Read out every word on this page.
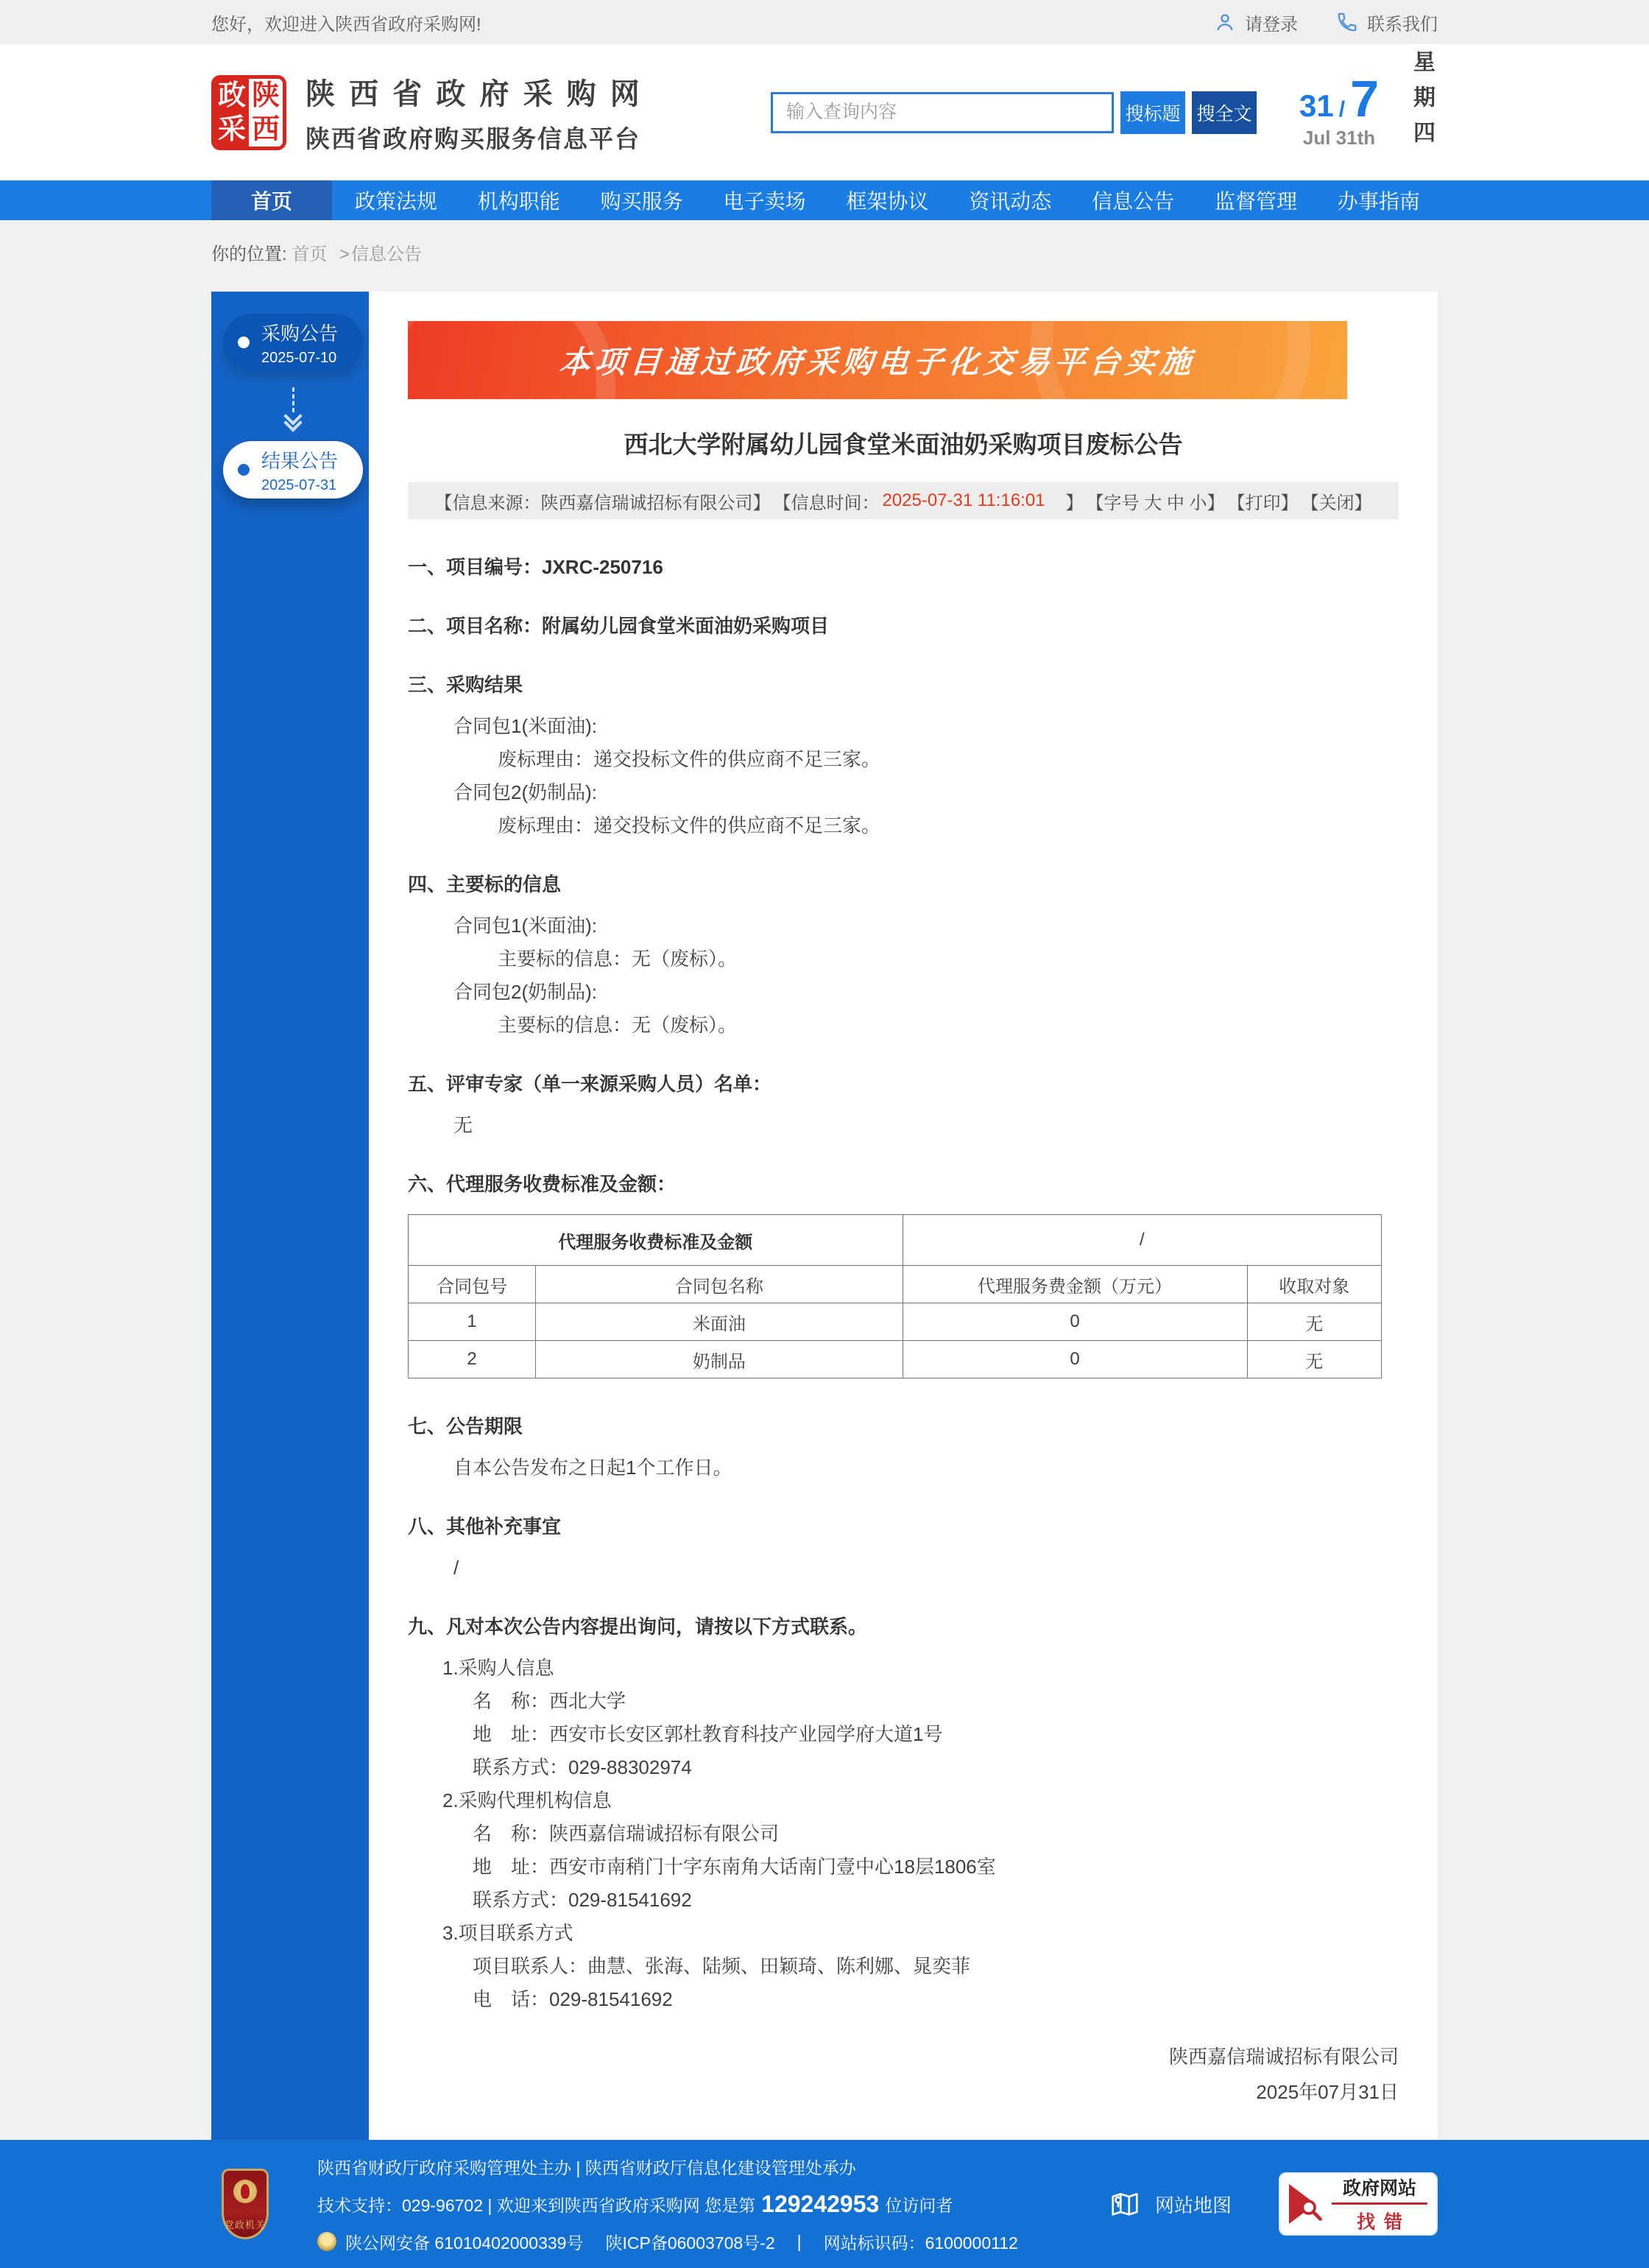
您好，欢迎进入陕西省政府采购网!	请登录	联系我们
政 陕
采 西
陕 西 省 政 府 采 购 网
陕西省政府购买服务信息平台
输入查询内容
搜标题 搜全文 31 / 7
Jul 31th 星期四
首页	政策法规	机构职能	购买服务	电子卖场	框架协议	资讯动态	信息公告	监督管理	办事指南
你的位置: 首页 >信息公告
采购公告
2025-07-10
结果公告
2025-07-31
本项目通过政府采购电子化交易平台实施
西北大学附属幼儿园食堂米面油奶采购项目废标公告
【信息来源：陕西嘉信瑞诚招标有限公司】 【信息时间： 2025-07-31 11:16:01 　】 【字号 大 中 小】 【打印】 【关闭】

一、项目编号：JXRC-250716

二、项目名称：附属幼儿园食堂米面油奶采购项目

三、采购结果

合同包1(米面油):

废标理由：递交投标文件的供应商不足三家。

合同包2(奶制品):

废标理由：递交投标文件的供应商不足三家。

四、主要标的信息

合同包1(米面油):

主要标的信息：无（废标）。

合同包2(奶制品):

主要标的信息：无（废标）。

五、评审专家（单一来源采购人员）名单：

无

六、代理服务收费标准及金额：

代理服务收费标准及金额		/	
合同包号	合同包名称	代理服务费金额（万元）	收取对象
1	米面油	0	无
2	奶制品	0	无

七、公告期限

自本公告发布之日起1个工作日。

八、其他补充事宜

/

九、凡对本次公告内容提出询问，请按以下方式联系。

1.采购人信息

名　称：西北大学

地　址：西安市长安区郭杜教育科技产业园学府大道1号

联系方式：029-88302974

2.采购代理机构信息

名　称：陕西嘉信瑞诚招标有限公司

地　址：西安市南稍门十字东南角大话南门壹中心18层1806室

联系方式：029-81541692

3.项目联系方式

项目联系人：曲慧、张海、陆频、田颖琦、陈利娜、晁奕菲

电　话：029-81541692

陕西嘉信瑞诚招标有限公司
2025年07月31日
党政机关
陕西省财政厅政府采购管理处主办 | 陕西省财政厅信息化建设管理处承办
技术支持：029-96702 | 欢迎来到陕西省政府采购网 您是第 129242953 位访问者
陕公网安备 61010402000339号 陕ICP备06003708号-2 | 网站标识码：6100000112
网站地图
政府网站
找错
